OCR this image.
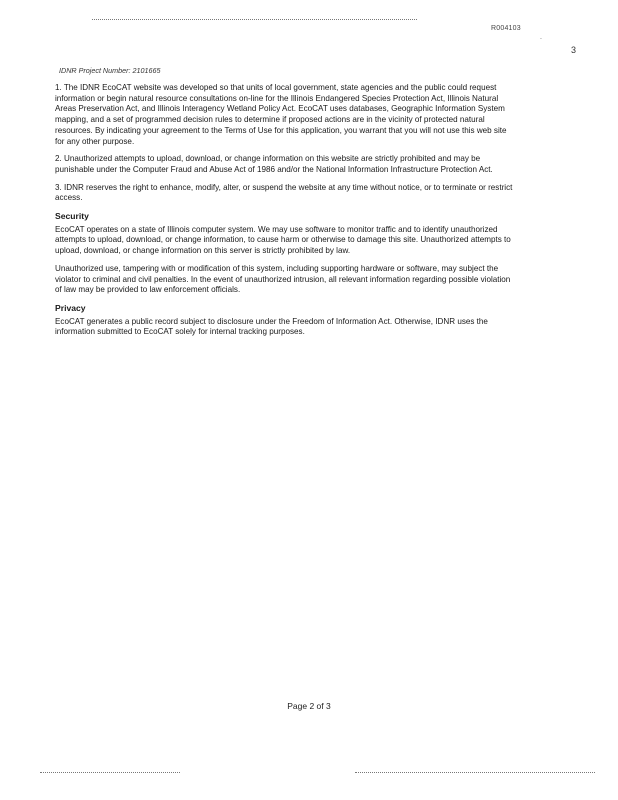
R004103
.
3
IDNR Project Number: 2101665

1. The IDNR EcoCAT website was developed so that units of local government, state agencies and the public could request information or begin natural resource consultations on-line for the Illinois Endangered Species Protection Act, Illinois Natural Areas Preservation Act, and Illinois Interagency Wetland Policy Act. EcoCAT uses databases, Geographic Information System mapping, and a set of programmed decision rules to determine if proposed actions are in the vicinity of protected natural resources. By indicating your agreement to the Terms of Use for this application, you warrant that you will not use this web site for any other purpose.

2. Unauthorized attempts to upload, download, or change information on this website are strictly prohibited and may be punishable under the Computer Fraud and Abuse Act of 1986 and/or the National Information Infrastructure Protection Act.

3. IDNR reserves the right to enhance, modify, alter, or suspend the website at any time without notice, or to terminate or restrict access.

Security

EcoCAT operates on a state of Illinois computer system. We may use software to monitor traffic and to identify unauthorized attempts to upload, download, or change information, to cause harm or otherwise to damage this site. Unauthorized attempts to upload, download, or change information on this server is strictly prohibited by law.

Unauthorized use, tampering with or modification of this system, including supporting hardware or software, may subject the violator to criminal and civil penalties. In the event of unauthorized intrusion, all relevant information regarding possible violation of law may be provided to law enforcement officials.

Privacy

EcoCAT generates a public record subject to disclosure under the Freedom of Information Act. Otherwise, IDNR uses the information submitted to EcoCAT solely for internal tracking purposes.

Page 2 of 3
